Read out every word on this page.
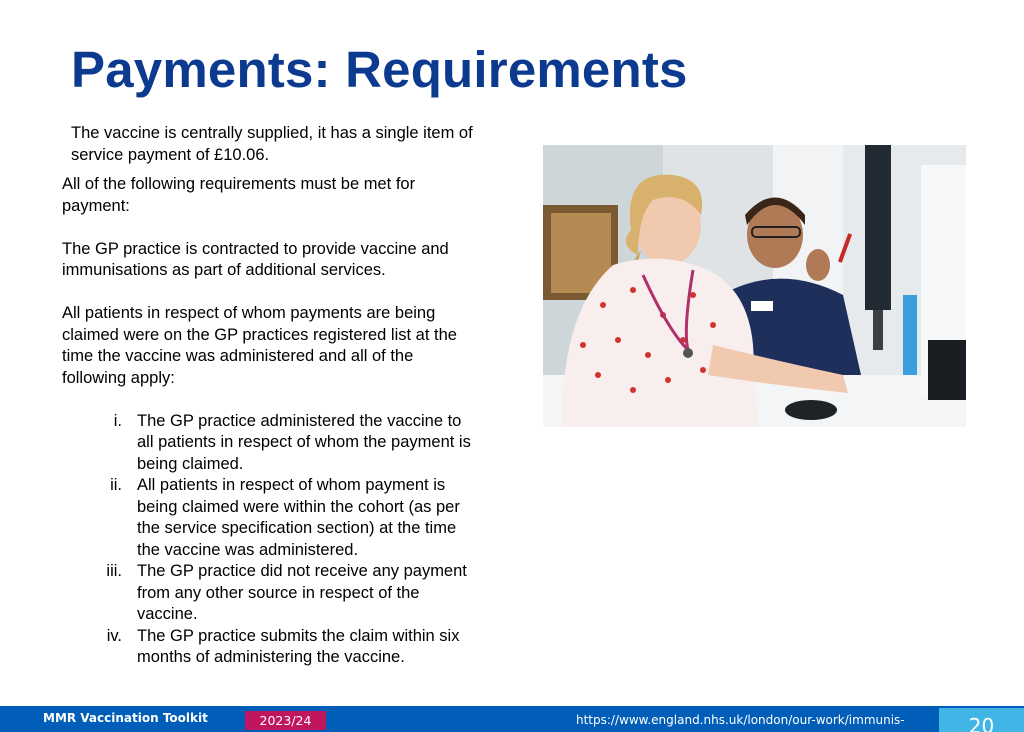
Payments: Requirements

The vaccine is centrally supplied, it has a single item of service payment of £10.06.

All of the following requirements must be met for payment:

The GP practice is contracted to provide vaccine and immunisations as part of additional services.

All patients in respect of whom payments are being claimed were on the GP practices registered list at the time the vaccine was administered and all of the following apply:

i. The GP practice administered the vaccine to all patients in respect of whom the payment is being claimed.
ii. All patients in respect of whom payment is being claimed were within the cohort (as per the service specification section) at the time the vaccine was administered.
iii. The GP practice did not receive any payment from any other source in respect of the vaccine.
iv. The GP practice submits the claim within six months of administering the vaccine.
MMR Vaccination Toolkit	2023/24	https://www.england.nhs.uk/london/our-work/immunis-	20
